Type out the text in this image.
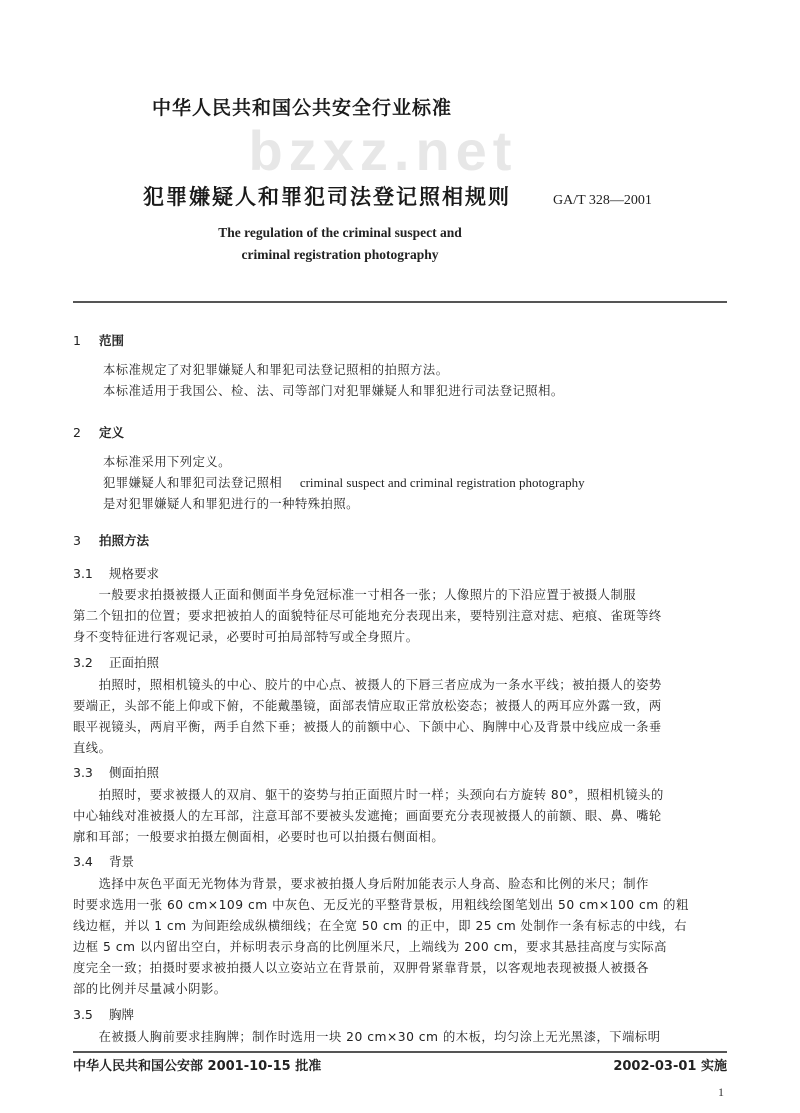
bzxz.net
中华人民共和国公共安全行业标准
犯罪嫌疑人和罪犯司法登记照相规则	GA/T 328—2001
The regulation of the criminal suspect and
criminal registration photography
1 范围
本标准规定了对犯罪嫌疑人和罪犯司法登记照相的拍照方法。
本标准适用于我国公、检、法、司等部门对犯罪嫌疑人和罪犯进行司法登记照相。
2 定义
本标准采用下列定义。
犯罪嫌疑人和罪犯司法登记照相 criminal suspect and criminal registration photography
是对犯罪嫌疑人和罪犯进行的一种特殊拍照。
3 拍照方法
3.1 规格要求
　　一般要求拍摄被摄人正面和侧面半身免冠标准一寸相各一张；人像照片的下沿应置于被摄人制服
第二个钮扣的位置；要求把被拍人的面貌特征尽可能地充分表现出来，要特别注意对痣、疤痕、雀斑等终
身不变特征进行客观记录，必要时可拍局部特写或全身照片。
3.2 正面拍照
　　拍照时，照相机镜头的中心、胶片的中心点、被摄人的下唇三者应成为一条水平线；被拍摄人的姿势
要端正，头部不能上仰或下俯，不能戴墨镜，面部表情应取正常放松姿态；被摄人的两耳应外露一致，两
眼平视镜头，两肩平衡，两手自然下垂；被摄人的前额中心、下颌中心、胸牌中心及背景中线应成一条垂
直线。
3.3 侧面拍照
　　拍照时，要求被摄人的双肩、躯干的姿势与拍正面照片时一样；头颈向右方旋转 80°，照相机镜头的
中心轴线对准被摄人的左耳部，注意耳部不要被头发遮掩；画面要充分表现被摄人的前额、眼、鼻、嘴轮
廓和耳部；一般要求拍摄左侧面相，必要时也可以拍摄右侧面相。
3.4 背景
　　选择中灰色平面无光物体为背景，要求被拍摄人身后附加能表示人身高、脸态和比例的米尺；制作
时要求选用一张 60 cm×109 cm 中灰色、无反光的平整背景板，用粗线绘图笔划出 50 cm×100 cm 的粗
线边框，并以 1 cm 为间距绘成纵横细线；在全宽 50 cm 的正中，即 25 cm 处制作一条有标志的中线，右
边框 5 cm 以内留出空白，并标明表示身高的比例厘米尺，上端线为 200 cm，要求其悬挂高度与实际高
度完全一致；拍摄时要求被拍摄人以立姿站立在背景前，双胛骨紧靠背景，以客观地表现被摄人被摄各
部的比例并尽量减小阴影。
3.5 胸牌
　　在被摄人胸前要求挂胸牌；制作时选用一块 20 cm×30 cm 的木板，均匀涂上无光黑漆，下端标明
中华人民共和国公安部 2001-10-15 批准	2002-03-01 实施
1
